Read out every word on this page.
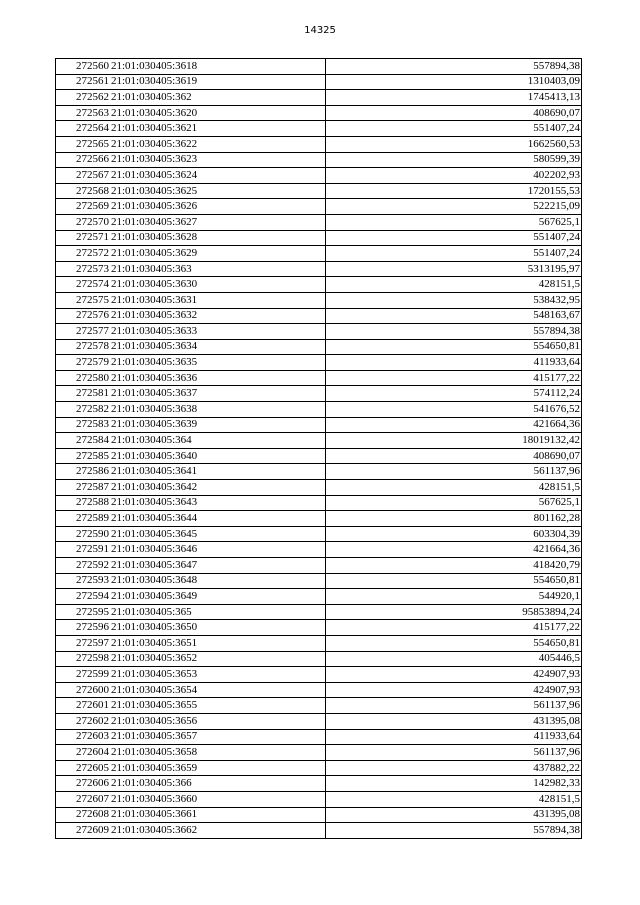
14325
272560	21:01:030405:3618	557894,38
272561	21:01:030405:3619	1310403,09
272562	21:01:030405:362	1745413,13
272563	21:01:030405:3620	408690,07
272564	21:01:030405:3621	551407,24
272565	21:01:030405:3622	1662560,53
272566	21:01:030405:3623	580599,39
272567	21:01:030405:3624	402202,93
272568	21:01:030405:3625	1720155,53
272569	21:01:030405:3626	522215,09
272570	21:01:030405:3627	567625,1
272571	21:01:030405:3628	551407,24
272572	21:01:030405:3629	551407,24
272573	21:01:030405:363	5313195,97
272574	21:01:030405:3630	428151,5
272575	21:01:030405:3631	538432,95
272576	21:01:030405:3632	548163,67
272577	21:01:030405:3633	557894,38
272578	21:01:030405:3634	554650,81
272579	21:01:030405:3635	411933,64
272580	21:01:030405:3636	415177,22
272581	21:01:030405:3637	574112,24
272582	21:01:030405:3638	541676,52
272583	21:01:030405:3639	421664,36
272584	21:01:030405:364	18019132,42
272585	21:01:030405:3640	408690,07
272586	21:01:030405:3641	561137,96
272587	21:01:030405:3642	428151,5
272588	21:01:030405:3643	567625,1
272589	21:01:030405:3644	801162,28
272590	21:01:030405:3645	603304,39
272591	21:01:030405:3646	421664,36
272592	21:01:030405:3647	418420,79
272593	21:01:030405:3648	554650,81
272594	21:01:030405:3649	544920,1
272595	21:01:030405:365	95853894,24
272596	21:01:030405:3650	415177,22
272597	21:01:030405:3651	554650,81
272598	21:01:030405:3652	405446,5
272599	21:01:030405:3653	424907,93
272600	21:01:030405:3654	424907,93
272601	21:01:030405:3655	561137,96
272602	21:01:030405:3656	431395,08
272603	21:01:030405:3657	411933,64
272604	21:01:030405:3658	561137,96
272605	21:01:030405:3659	437882,22
272606	21:01:030405:366	142982,33
272607	21:01:030405:3660	428151,5
272608	21:01:030405:3661	431395,08
272609	21:01:030405:3662	557894,38
